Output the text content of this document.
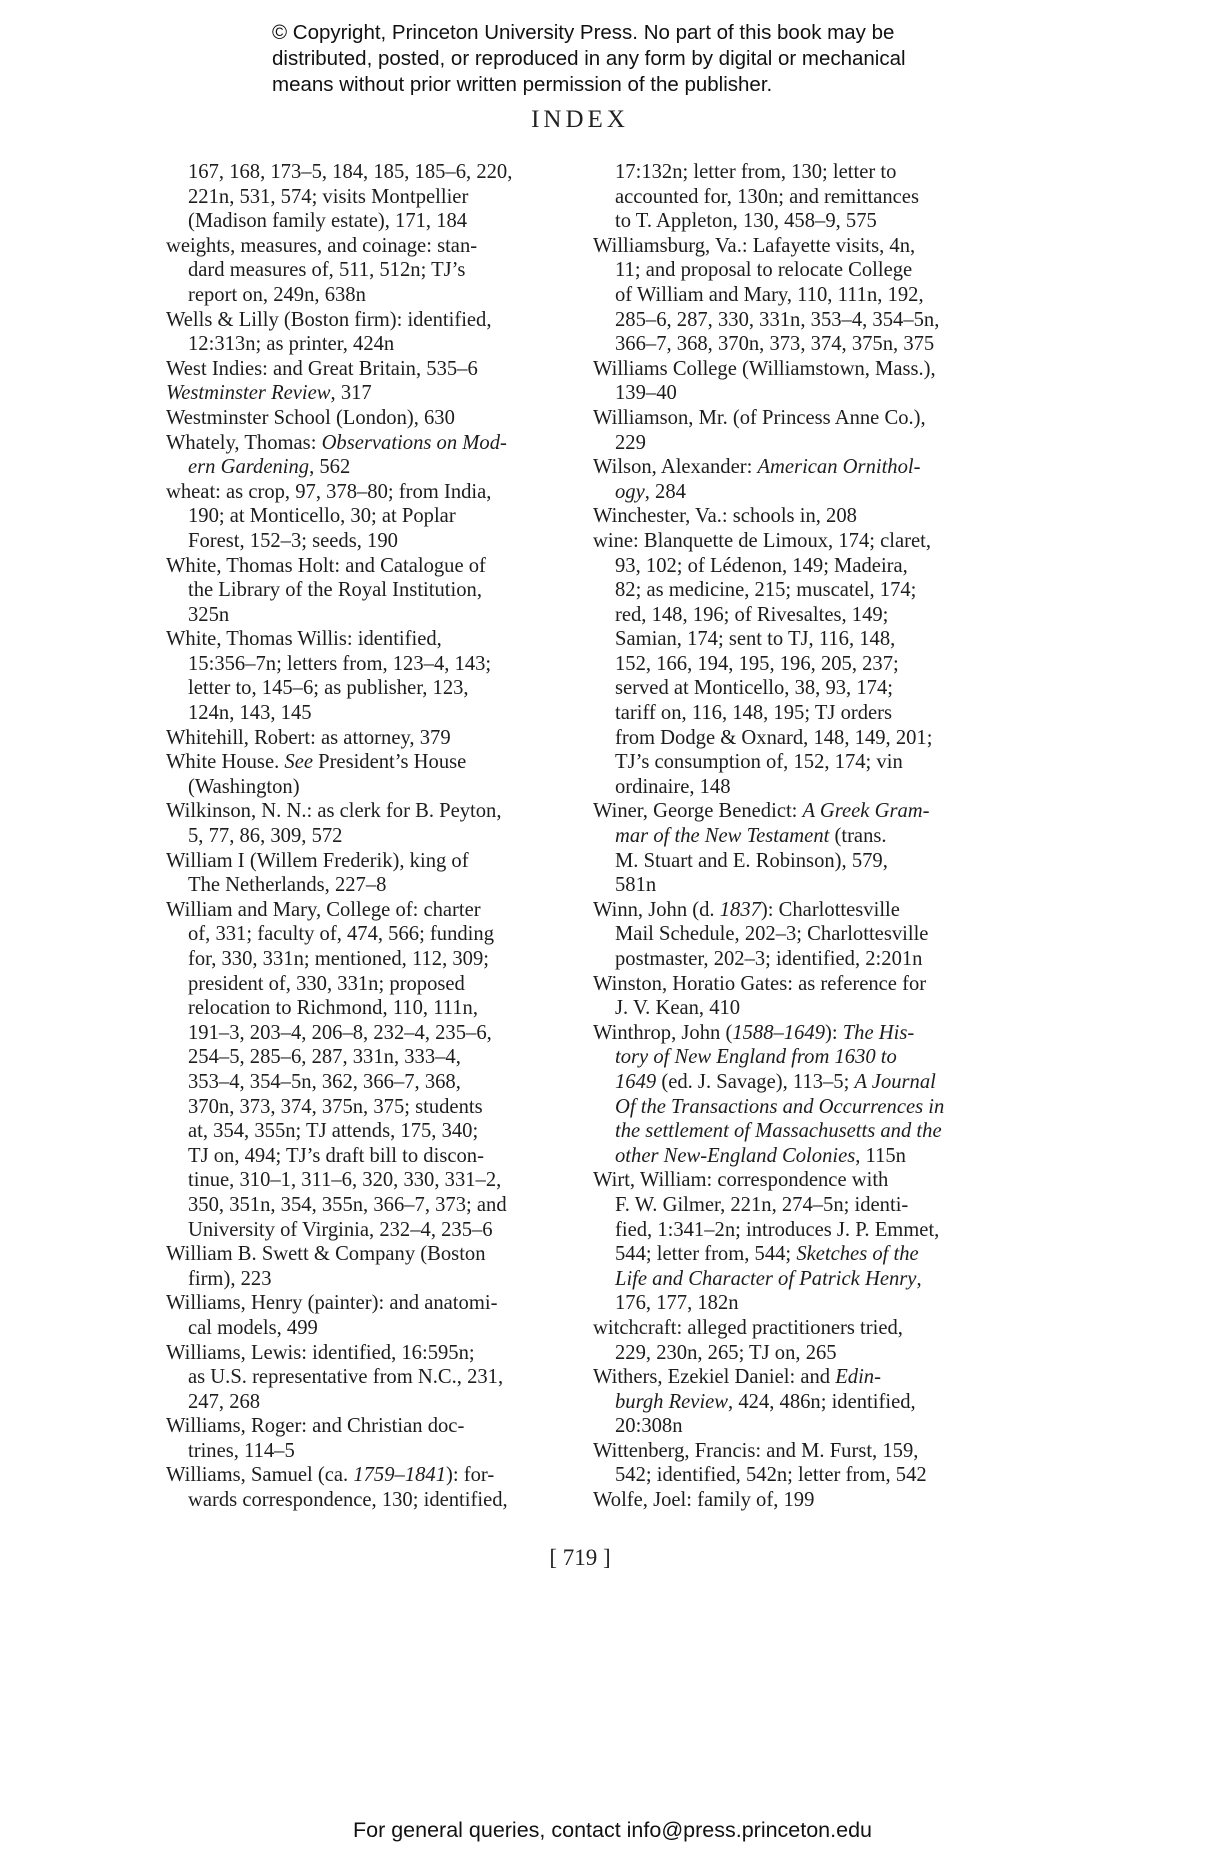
© Copyright, Princeton University Press. No part of this book may be
distributed, posted, or reproduced in any form by digital or mechanical
means without prior written permission of the publisher.
INDEX
167, 168, 173–5, 184, 185, 185–6, 220,
221n, 531, 574; visits Montpellier
(Madison family estate), 171, 184
weights, measures, and coinage: stan-
dard measures of, 511, 512n; TJ’s
report on, 249n, 638n
Wells & Lilly (Boston firm): identified,
12:313n; as printer, 424n
West Indies: and Great Britain, 535–6
Westminster Review, 317
Westminster School (London), 630
Whately, Thomas: Observations on Mod-
ern Gardening, 562
wheat: as crop, 97, 378–80; from India,
190; at Monticello, 30; at Poplar
Forest, 152–3; seeds, 190
White, Thomas Holt: and Catalogue of
the Library of the Royal Institution,
325n
White, Thomas Willis: identified,
15:356–7n; letters from, 123–4, 143;
letter to, 145–6; as publisher, 123,
124n, 143, 145
Whitehill, Robert: as attorney, 379
White House. See President’s House
(Washington)
Wilkinson, N. N.: as clerk for B. Peyton,
5, 77, 86, 309, 572
William I (Willem Frederik), king of
The Netherlands, 227–8
William and Mary, College of: charter
of, 331; faculty of, 474, 566; funding
for, 330, 331n; mentioned, 112, 309;
president of, 330, 331n; proposed
relocation to Richmond, 110, 111n,
191–3, 203–4, 206–8, 232–4, 235–6,
254–5, 285–6, 287, 331n, 333–4,
353–4, 354–5n, 362, 366–7, 368,
370n, 373, 374, 375n, 375; students
at, 354, 355n; TJ attends, 175, 340;
TJ on, 494; TJ’s draft bill to discon-
tinue, 310–1, 311–6, 320, 330, 331–2,
350, 351n, 354, 355n, 366–7, 373; and
University of Virginia, 232–4, 235–6
William B. Swett & Company (Boston
firm), 223
Williams, Henry (painter): and anatomi-
cal models, 499
Williams, Lewis: identified, 16:595n;
as U.S. representative from N.C., 231,
247, 268
Williams, Roger: and Christian doc-
trines, 114–5
Williams, Samuel (ca. 1759–1841): for-
wards correspondence, 130; identified,
17:132n; letter from, 130; letter to
accounted for, 130n; and remittances
to T. Appleton, 130, 458–9, 575
Williamsburg, Va.: Lafayette visits, 4n,
11; and proposal to relocate College
of William and Mary, 110, 111n, 192,
285–6, 287, 330, 331n, 353–4, 354–5n,
366–7, 368, 370n, 373, 374, 375n, 375
Williams College (Williamstown, Mass.),
139–40
Williamson, Mr. (of Princess Anne Co.),
229
Wilson, Alexander: American Ornithol-
ogy, 284
Winchester, Va.: schools in, 208
wine: Blanquette de Limoux, 174; claret,
93, 102; of Lédenon, 149; Madeira,
82; as medicine, 215; muscatel, 174;
red, 148, 196; of Rivesaltes, 149;
Samian, 174; sent to TJ, 116, 148,
152, 166, 194, 195, 196, 205, 237;
served at Monticello, 38, 93, 174;
tariff on, 116, 148, 195; TJ orders
from Dodge & Oxnard, 148, 149, 201;
TJ’s consumption of, 152, 174; vin
ordinaire, 148
Winer, George Benedict: A Greek Gram-
mar of the New Testament (trans.
M. Stuart and E. Robinson), 579,
581n
Winn, John (d. 1837): Charlottesville
Mail Schedule, 202–3; Charlottesville
postmaster, 202–3; identified, 2:201n
Winston, Horatio Gates: as reference for
J. V. Kean, 410
Winthrop, John (1588–1649): The His-
tory of New England from 1630 to
1649 (ed. J. Savage), 113–5; A Journal
Of the Transactions and Occurrences in
the settlement of Massachusetts and the
other New-England Colonies, 115n
Wirt, William: correspondence with
F. W. Gilmer, 221n, 274–5n; identi-
fied, 1:341–2n; introduces J. P. Emmet,
544; letter from, 544; Sketches of the
Life and Character of Patrick Henry,
176, 177, 182n
witchcraft: alleged practitioners tried,
229, 230n, 265; TJ on, 265
Withers, Ezekiel Daniel: and Edin-
burgh Review, 424, 486n; identified,
20:308n
Wittenberg, Francis: and M. Furst, 159,
542; identified, 542n; letter from, 542
Wolfe, Joel: family of, 199
[ 719 ]
For general queries, contact info@press.princeton.edu
